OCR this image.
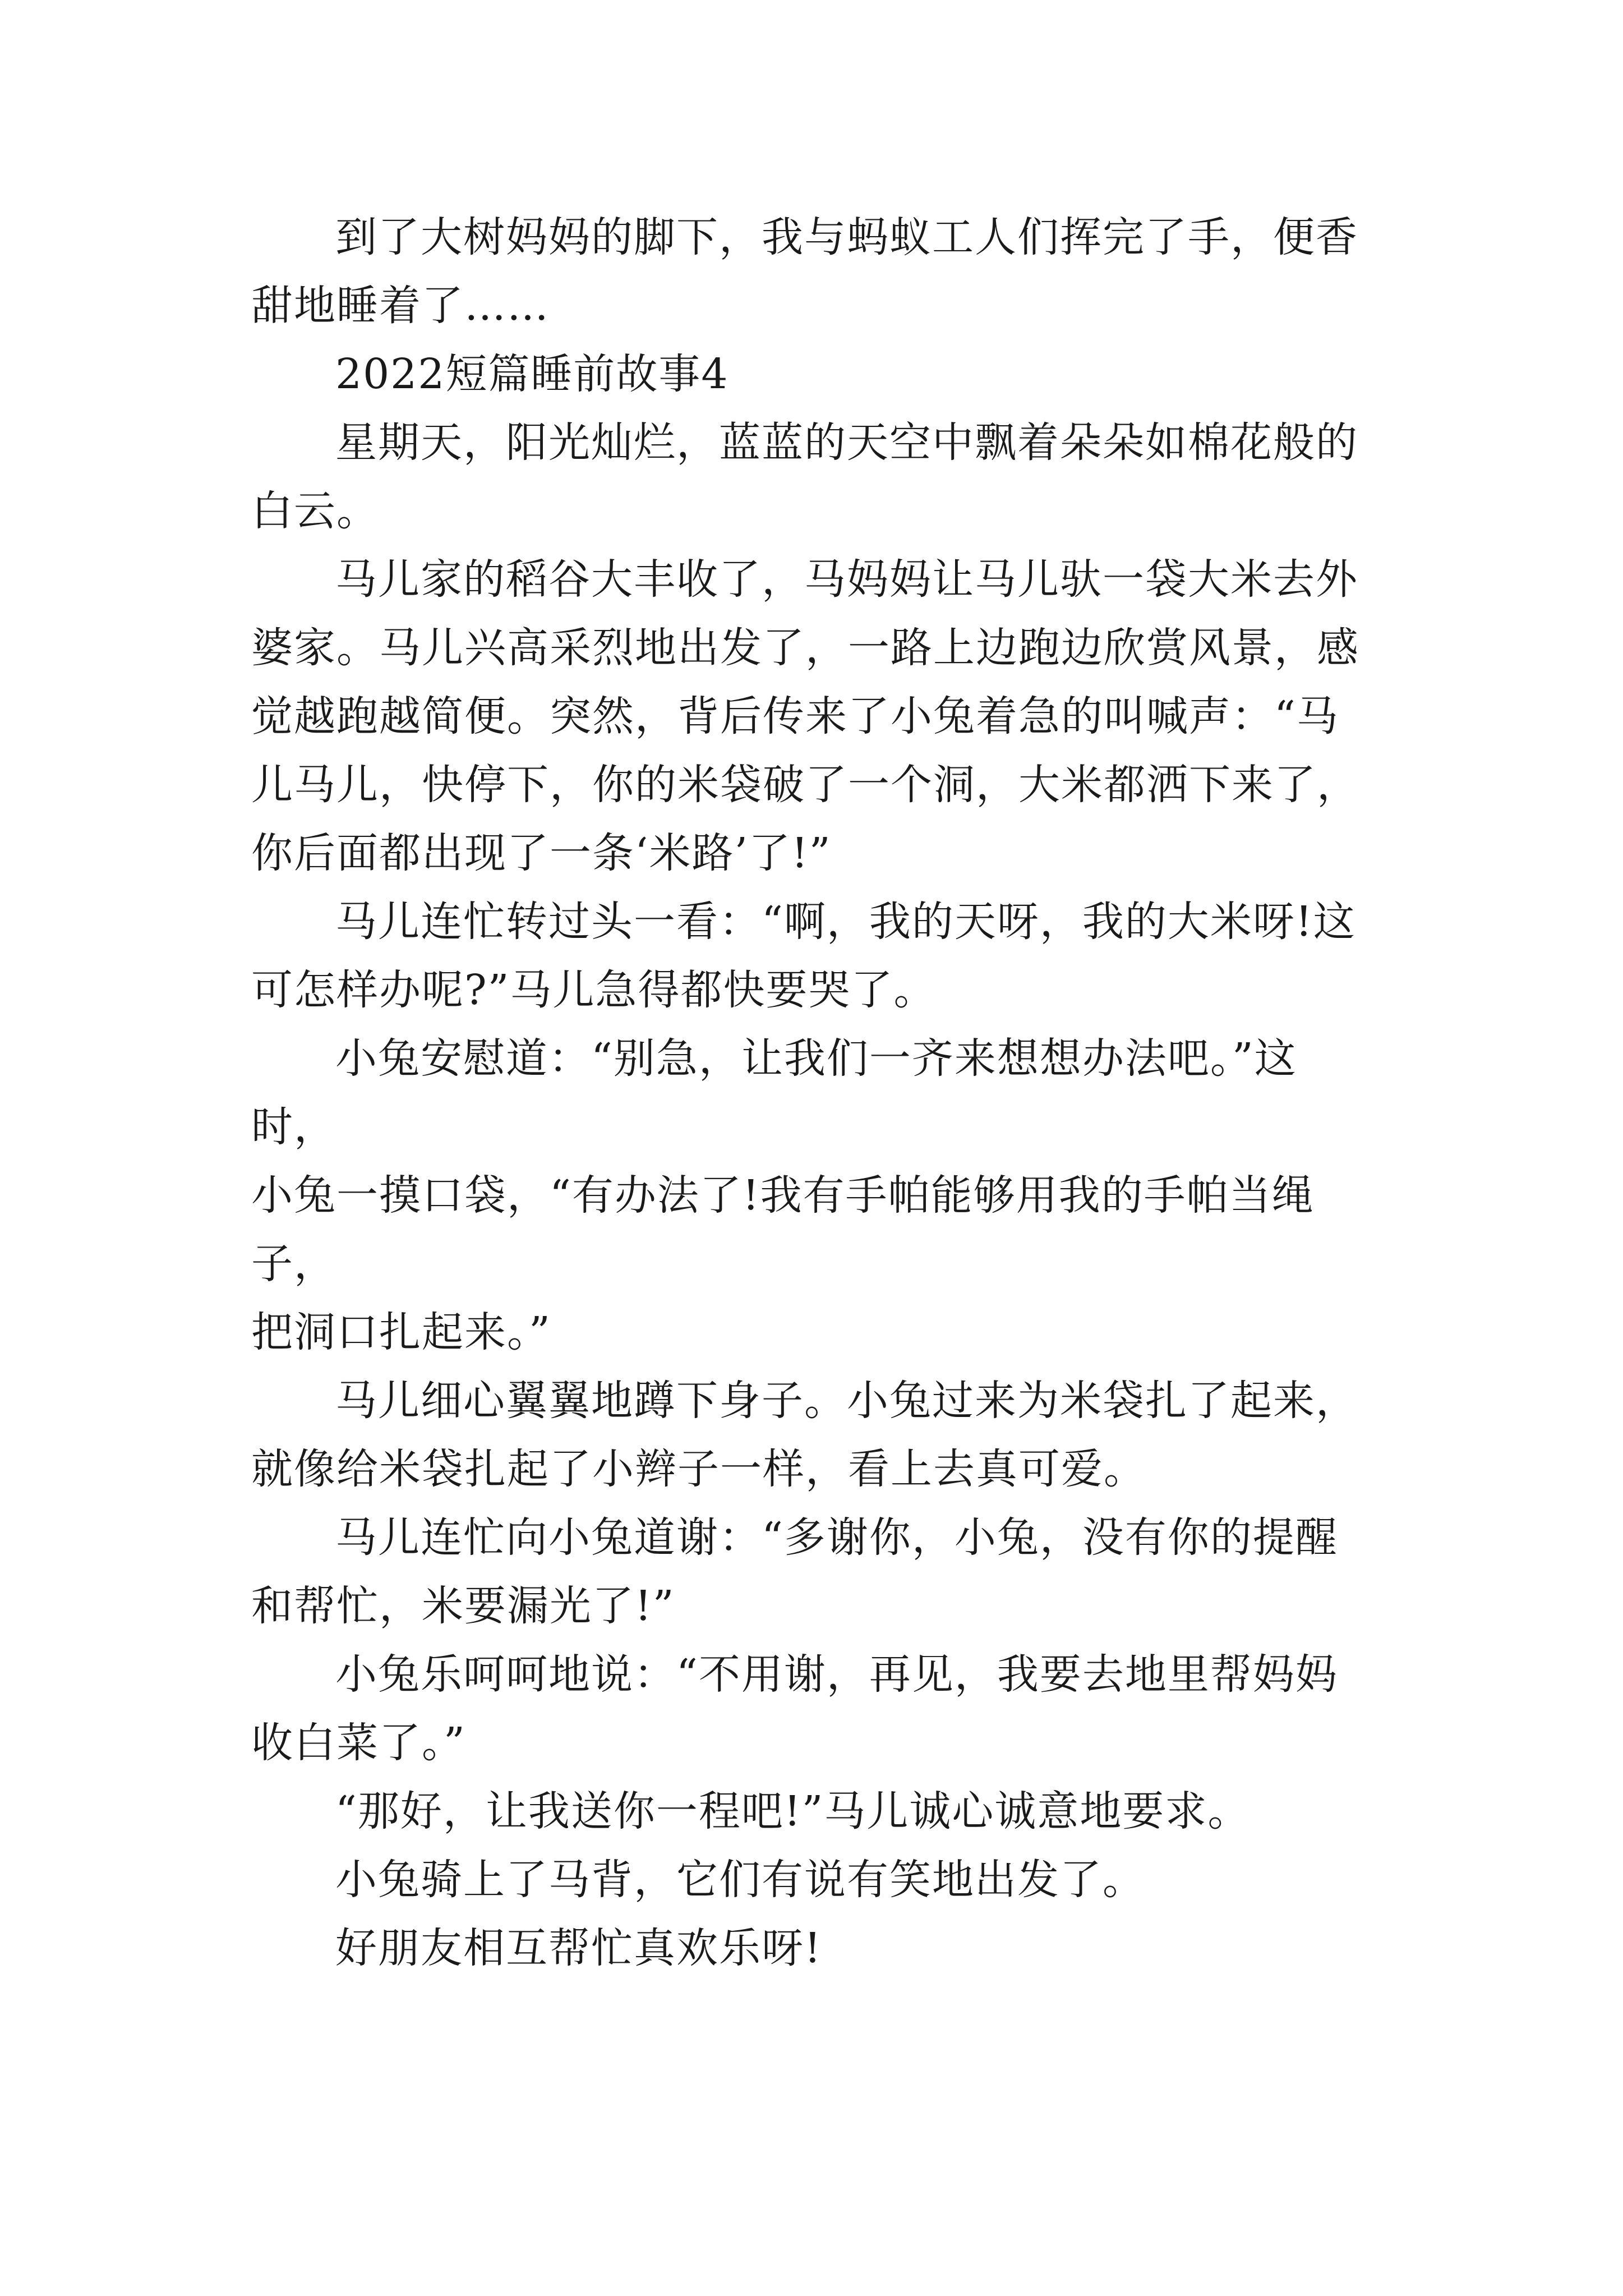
到了大树妈妈的脚下，我与蚂蚁工人们挥完了手，便香
甜地睡着了……

2022短篇睡前故事4

星期天，阳光灿烂，蓝蓝的天空中飘着朵朵如棉花般的
白云。

马儿家的稻谷大丰收了，马妈妈让马儿驮一袋大米去外
婆家。马儿兴高采烈地出发了，一路上边跑边欣赏风景，感
觉越跑越简便。突然，背后传来了小兔着急的叫喊声：“马
儿马儿，快停下，你的米袋破了一个洞，大米都洒下来了，
你后面都出现了一条‘米路’了!”

马儿连忙转过头一看：“啊，我的天呀，我的大米呀!这
可怎样办呢?”马儿急得都快要哭了。

小兔安慰道：“别急，让我们一齐来想想办法吧。”这时，
小兔一摸口袋，“有办法了!我有手帕能够用我的手帕当绳子，
把洞口扎起来。”

马儿细心翼翼地蹲下身子。小兔过来为米袋扎了起来，
就像给米袋扎起了小辫子一样，看上去真可爱。

马儿连忙向小兔道谢：“多谢你，小兔，没有你的提醒
和帮忙，米要漏光了!”

小兔乐呵呵地说：“不用谢，再见，我要去地里帮妈妈
收白菜了。”

“那好，让我送你一程吧!”马儿诚心诚意地要求。

小兔骑上了马背，它们有说有笑地出发了。

好朋友相互帮忙真欢乐呀!
